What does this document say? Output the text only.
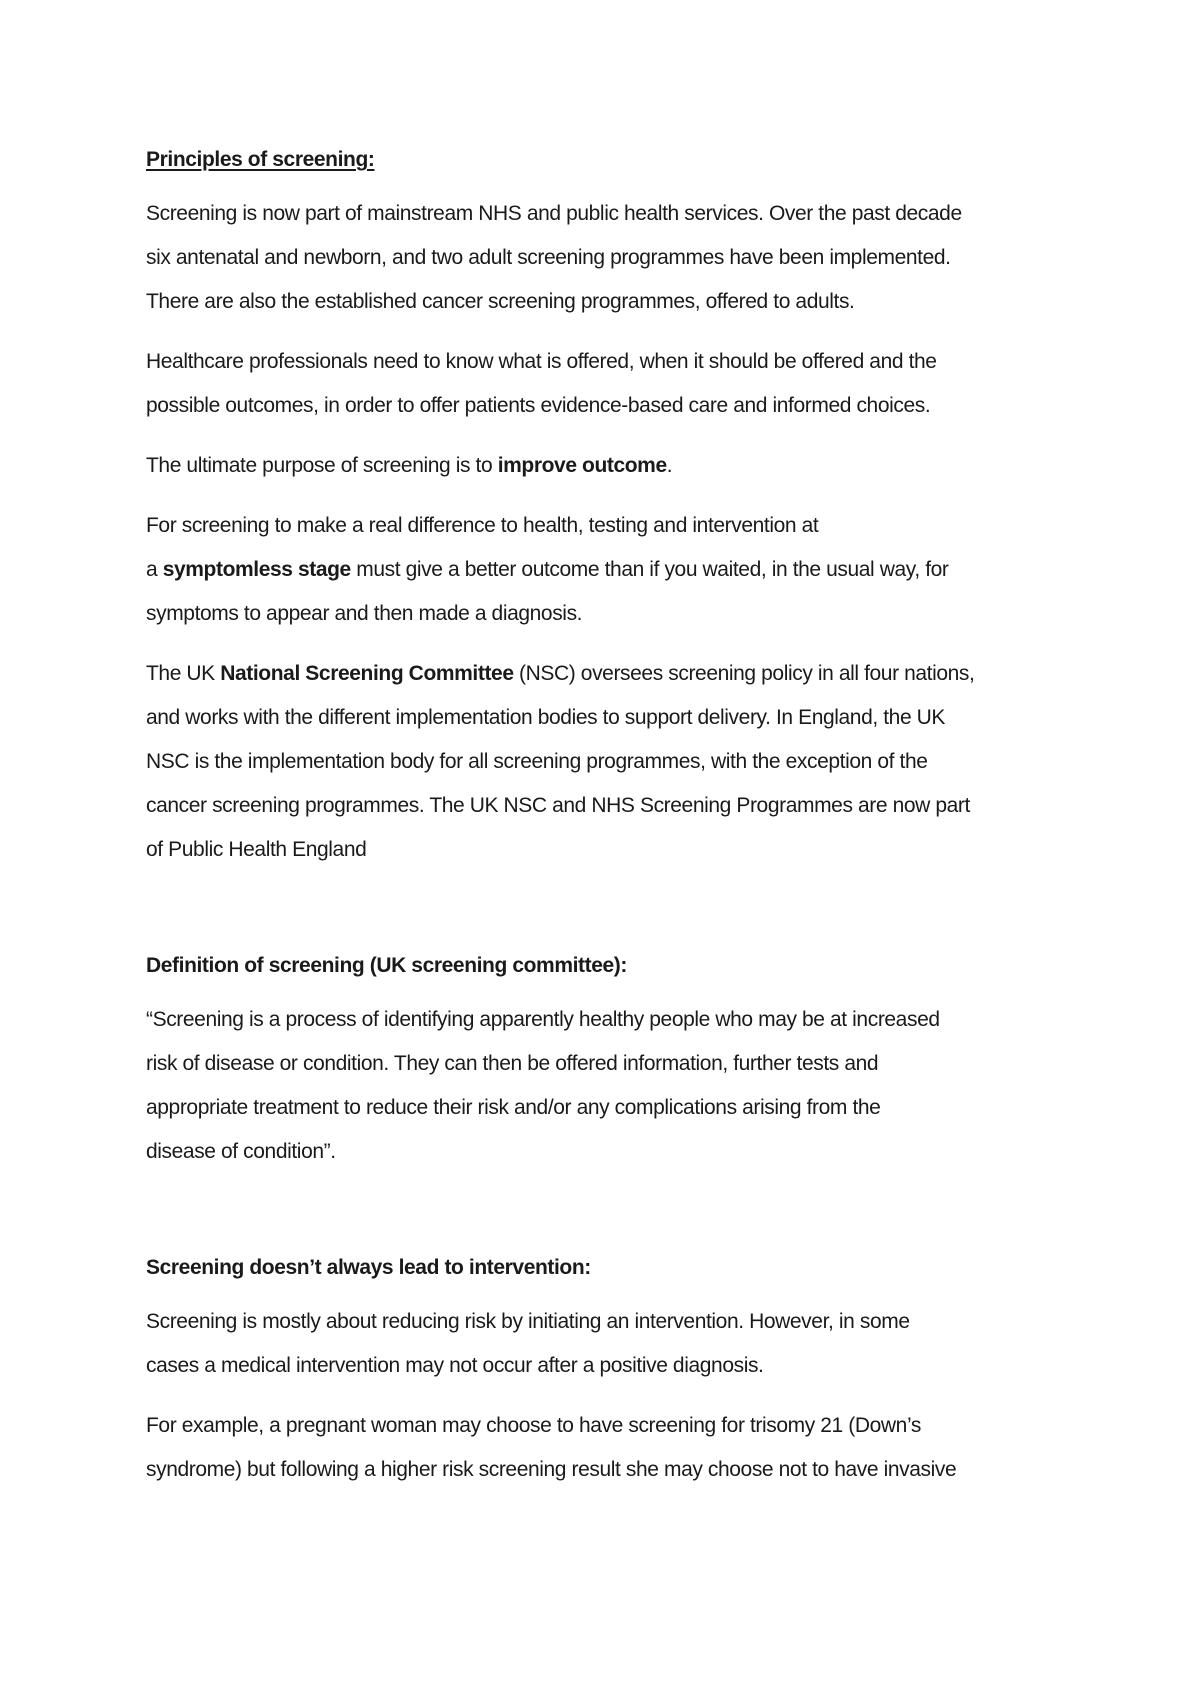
Principles of screening:
Screening is now part of mainstream NHS and public health services. Over the past decade
six antenatal and newborn, and two adult screening programmes have been implemented.
There are also the established cancer screening programmes, offered to adults.
Healthcare professionals need to know what is offered, when it should be offered and the
possible outcomes, in order to offer patients evidence-based care and informed choices.
The ultimate purpose of screening is to improve outcome.
For screening to make a real difference to health, testing and intervention at
a symptomless stage must give a better outcome than if you waited, in the usual way, for
symptoms to appear and then made a diagnosis.
The UK National Screening Committee (NSC) oversees screening policy in all four nations,
and works with the different implementation bodies to support delivery. In England, the UK
NSC is the implementation body for all screening programmes, with the exception of the
cancer screening programmes. The UK NSC and NHS Screening Programmes are now part
of Public Health England
Definition of screening (UK screening committee):
“Screening is a process of identifying apparently healthy people who may be at increased
risk of disease or condition. They can then be offered information, further tests and
appropriate treatment to reduce their risk and/or any complications arising from the
disease of condition”.
Screening doesn’t always lead to intervention:
Screening is mostly about reducing risk by initiating an intervention. However, in some
cases a medical intervention may not occur after a positive diagnosis.
For example, a pregnant woman may choose to have screening for trisomy 21 (Down’s
syndrome) but following a higher risk screening result she may choose not to have invasive
